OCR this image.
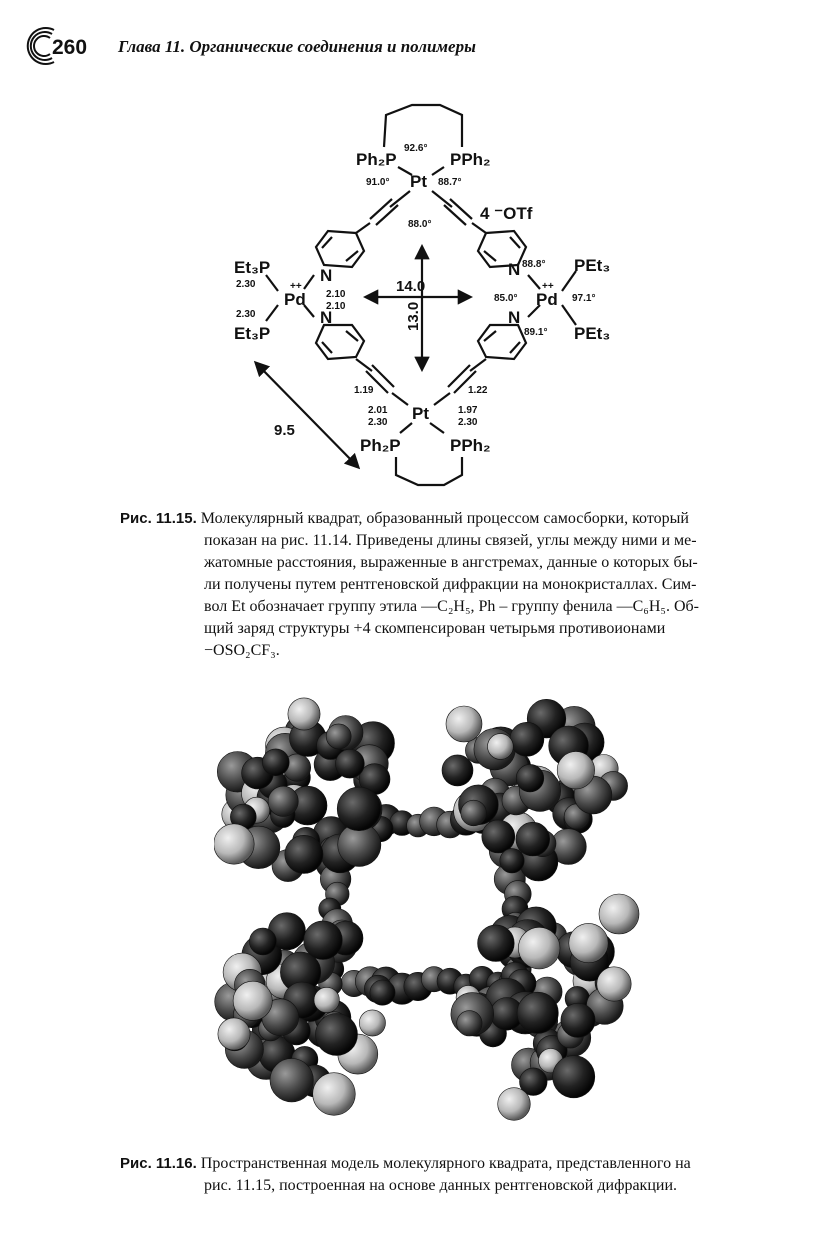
260 Глава 11. Органические соединения и полимеры
Ph₂P	PPh₂
Pt
4 ⁻OTf
Et₃P
Et₃P
Pd
++
N
N
Pd
++
PEt₃
PEt₃
N
N
Pt
Ph₂P	PPh₂
92.6°
91.0°	88.7°
88.0°
88.8°
85.0°	97.1°
89.1°
2.30
2.30
2.10
2.10
1.19	1.22
2.01
2.30
1.97
2.30
14.0
13.0
9.5
Рис. 11.15. Молекулярный квадрат, образованный процессом самосборки, который
показан на рис. 11.14. Приведены длины связей, углы между ними и ме-
жатомные расстояния, выраженные в ангстремах, данные о которых бы-
ли получены путем рентгеновской дифракции на монокристаллах. Сим-
вол Et обозначает группу этила —C₂H₅, Ph – группу фенила —C₆H₅. Об-
щий заряд структуры +4 скомпенсирован четырьмя противоионами
−OSO₂CF₃.
Рис. 11.16. Пространственная модель молекулярного квадрата, представленного на
рис. 11.15, построенная на основе данных рентгеновской дифракции.
